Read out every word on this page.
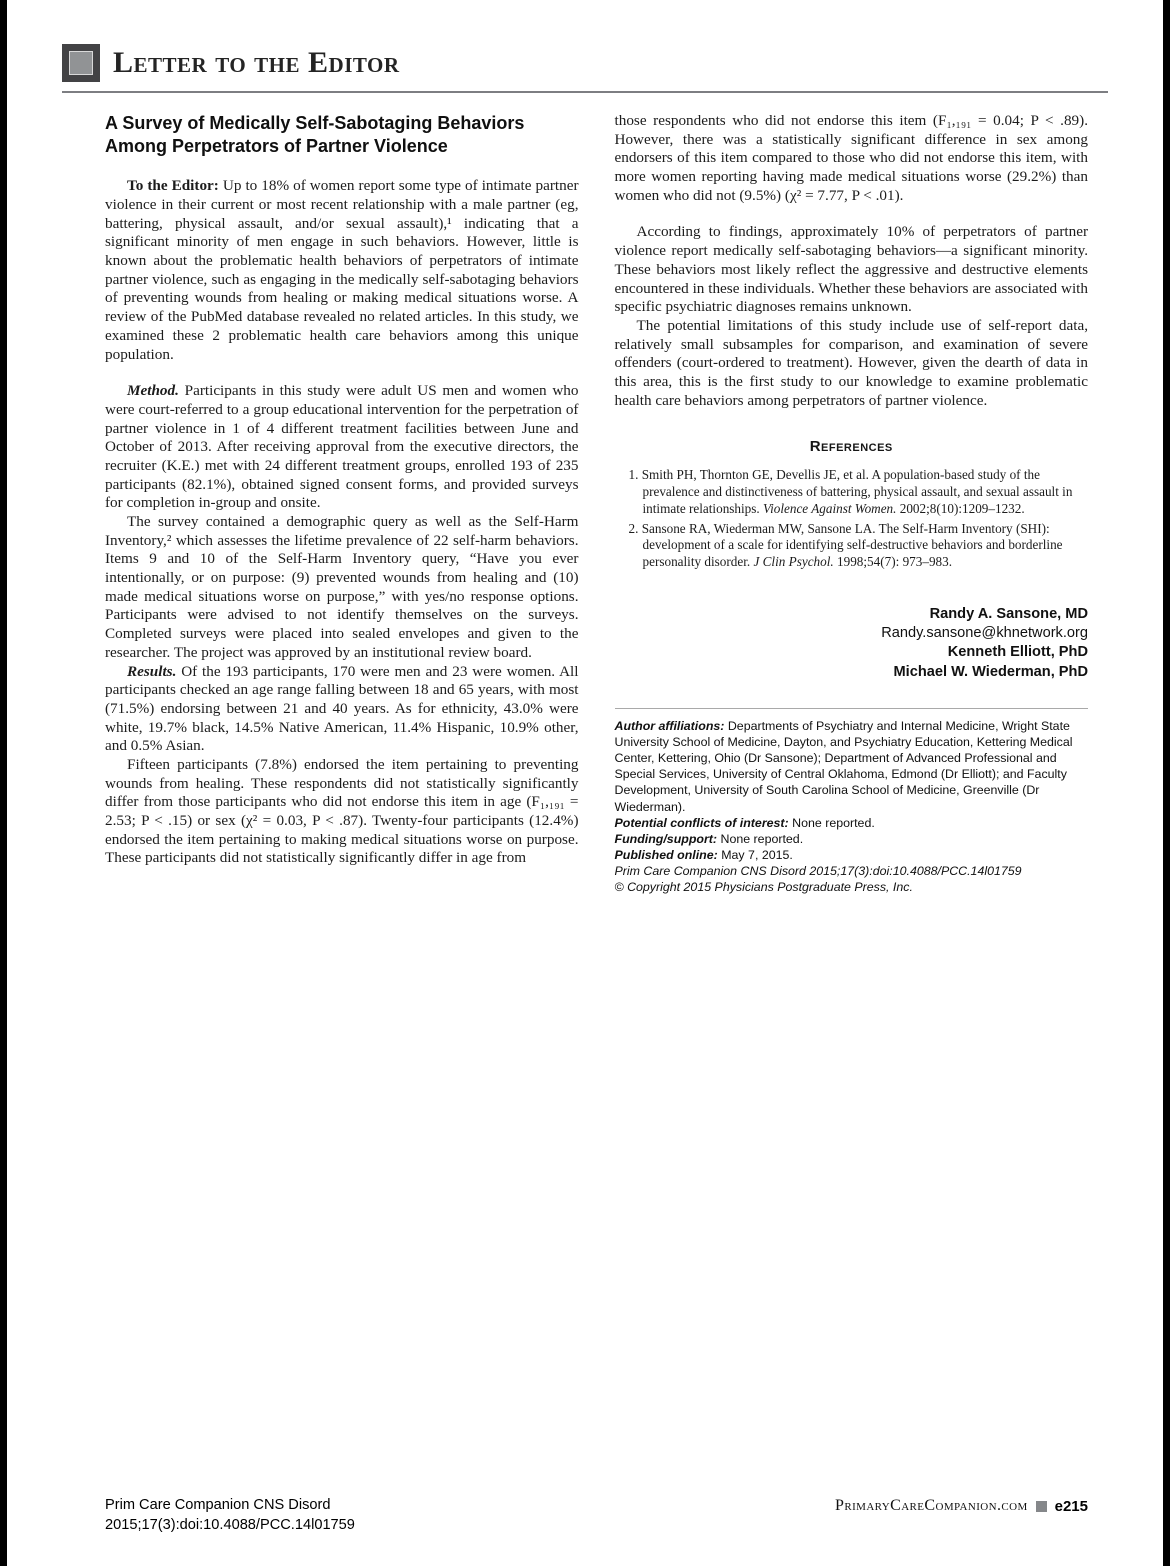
Letter to the Editor
A Survey of Medically Self-Sabotaging Behaviors Among Perpetrators of Partner Violence

To the Editor: Up to 18% of women report some type of intimate partner violence in their current or most recent relationship with a male partner (eg, battering, physical assault, and/or sexual assault),¹ indicating that a significant minority of men engage in such behaviors. However, little is known about the problematic health behaviors of perpetrators of intimate partner violence, such as engaging in the medically self-sabotaging behaviors of preventing wounds from healing or making medical situations worse. A review of the PubMed database revealed no related articles. In this study, we examined these 2 problematic health care behaviors among this unique population.

Method. Participants in this study were adult US men and women who were court-referred to a group educational intervention for the perpetration of partner violence in 1 of 4 different treatment facilities between June and October of 2013. After receiving approval from the executive directors, the recruiter (K.E.) met with 24 different treatment groups, enrolled 193 of 235 participants (82.1%), obtained signed consent forms, and provided surveys for completion in-group and onsite.

The survey contained a demographic query as well as the Self-Harm Inventory,² which assesses the lifetime prevalence of 22 self-harm behaviors. Items 9 and 10 of the Self-Harm Inventory query, “Have you ever intentionally, or on purpose: (9) prevented wounds from healing and (10) made medical situations worse on purpose,” with yes/no response options. Participants were advised to not identify themselves on the surveys. Completed surveys were placed into sealed envelopes and given to the researcher. The project was approved by an institutional review board.

Results. Of the 193 participants, 170 were men and 23 were women. All participants checked an age range falling between 18 and 65 years, with most (71.5%) endorsing between 21 and 40 years. As for ethnicity, 43.0% were white, 19.7% black, 14.5% Native American, 11.4% Hispanic, 10.9% other, and 0.5% Asian.

Fifteen participants (7.8%) endorsed the item pertaining to preventing wounds from healing. These respondents did not statistically significantly differ from those participants who did not endorse this item in age (F₁,₁₉₁ = 2.53; P < .15) or sex (χ² = 0.03, P < .87). Twenty-four participants (12.4%) endorsed the item pertaining to making medical situations worse on purpose. These participants did not statistically significantly differ in age from

those respondents who did not endorse this item (F₁,₁₉₁ = 0.04; P < .89). However, there was a statistically significant difference in sex among endorsers of this item compared to those who did not endorse this item, with more women reporting having made medical situations worse (29.2%) than women who did not (9.5%) (χ² = 7.77, P < .01).

According to findings, approximately 10% of perpetrators of partner violence report medically self-sabotaging behaviors—a significant minority. These behaviors most likely reflect the aggressive and destructive elements encountered in these individuals. Whether these behaviors are associated with specific psychiatric diagnoses remains unknown.

The potential limitations of this study include use of self-report data, relatively small subsamples for comparison, and examination of severe offenders (court-ordered to treatment). However, given the dearth of data in this area, this is the first study to our knowledge to examine problematic health care behaviors among perpetrators of partner violence.

References
1. Smith PH, Thornton GE, Devellis JE, et al. A population-based study of the prevalence and distinctiveness of battering, physical assault, and sexual assault in intimate relationships. Violence Against Women. 2002;8(10):1209–1232.
2. Sansone RA, Wiederman MW, Sansone LA. The Self-Harm Inventory (SHI): development of a scale for identifying self-destructive behaviors and borderline personality disorder. J Clin Psychol. 1998;54(7): 973–983.
Randy A. Sansone, MD
Randy.sansone@khnetwork.org
Kenneth Elliott, PhD
Michael W. Wiederman, PhD

Author affiliations: Departments of Psychiatry and Internal Medicine, Wright State University School of Medicine, Dayton, and Psychiatry Education, Kettering Medical Center, Kettering, Ohio (Dr Sansone); Department of Advanced Professional and Special Services, University of Central Oklahoma, Edmond (Dr Elliott); and Faculty Development, University of South Carolina School of Medicine, Greenville (Dr Wiederman).

Potential conflicts of interest: None reported.

Funding/support: None reported.

Published online: May 7, 2015.

Prim Care Companion CNS Disord 2015;17(3):doi:10.4088/PCC.14l01759

© Copyright 2015 Physicians Postgraduate Press, Inc.

Prim Care Companion CNS Disord
2015;17(3):doi:10.4088/PCC.14l01759
PrimaryCareCompanion.com e215
